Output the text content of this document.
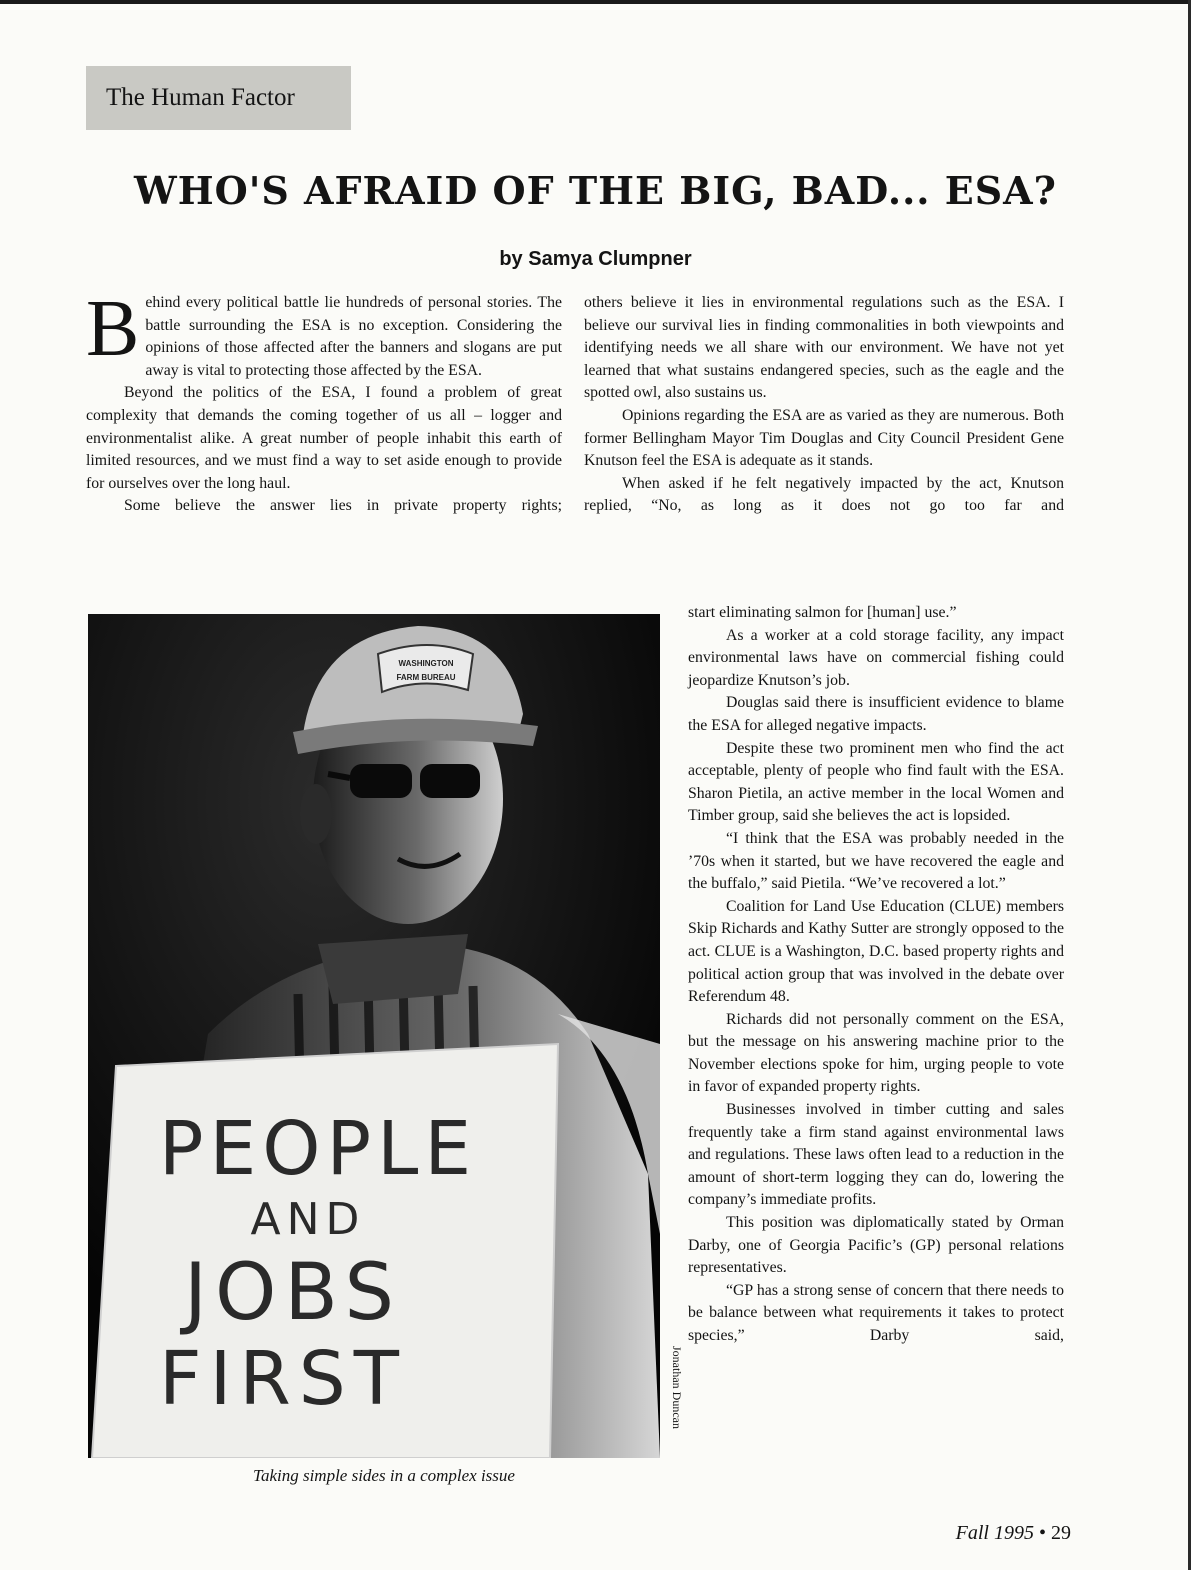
The Human Factor
WHO'S AFRAID OF THE BIG, BAD... ESA?
by Samya Clumpner

Behind every political battle lie hundreds of personal stories. The battle surrounding the ESA is no exception. Considering the opinions of those affected after the banners and slogans are put away is vital to protecting those affected by the ESA.

Beyond the politics of the ESA, I found a problem of great complexity that demands the coming together of us all – logger and environmentalist alike. A great number of people inhabit this earth of limited resources, and we must find a way to set aside enough to provide for ourselves over the long haul.

Some believe the answer lies in private property rights;

others believe it lies in environmental regulations such as the ESA. I believe our survival lies in finding commonalities in both viewpoints and identifying needs we all share with our environment. We have not yet learned that what sustains endangered species, such as the eagle and the spotted owl, also sustains us.

Opinions regarding the ESA are as varied as they are numerous. Both former Bellingham Mayor Tim Douglas and City Council President Gene Knutson feel the ESA is adequate as it stands.

When asked if he felt negatively impacted by the act, Knutson replied, “No, as long as it does not go too far and

start eliminating salmon for [human] use.”

As a worker at a cold storage facility, any impact environmental laws have on commercial fishing could jeopardize Knutson’s job.

Douglas said there is insufficient evidence to blame the ESA for alleged negative impacts.

Despite these two prominent men who find the act acceptable, plenty of people who find fault with the ESA. Sharon Pietila, an active member in the local Women and Timber group, said she believes the act is lopsided.

“I think that the ESA was probably needed in the ’70s when it started, but we have recovered the eagle and the buffalo,” said Pietila. “We’ve recovered a lot.”

Coalition for Land Use Education (CLUE) members Skip Richards and Kathy Sutter are strongly opposed to the act. CLUE is a Washington, D.C. based property rights and political action group that was involved in the debate over Referendum 48.

Richards did not personally comment on the ESA, but the message on his answering machine prior to the November elections spoke for him, urging people to vote in favor of expanded property rights.

Businesses involved in timber cutting and sales frequently take a firm stand against environmental laws and regulations. These laws often lead to a reduction in the amount of short-term logging they can do, lowering the company’s immediate profits.

This position was diplomatically stated by Orman Darby, one of Georgia Pacific’s (GP) personal relations representatives.

“GP has a strong sense of concern that there needs to be balance between what requirements it takes to protect species,” Darby said,

WASHINGTON
FARM BUREAU
PEOPLE
AND
JOBS
FIRST	Jonathan Duncan
Taking simple sides in a complex issue
Fall 1995 • 29
